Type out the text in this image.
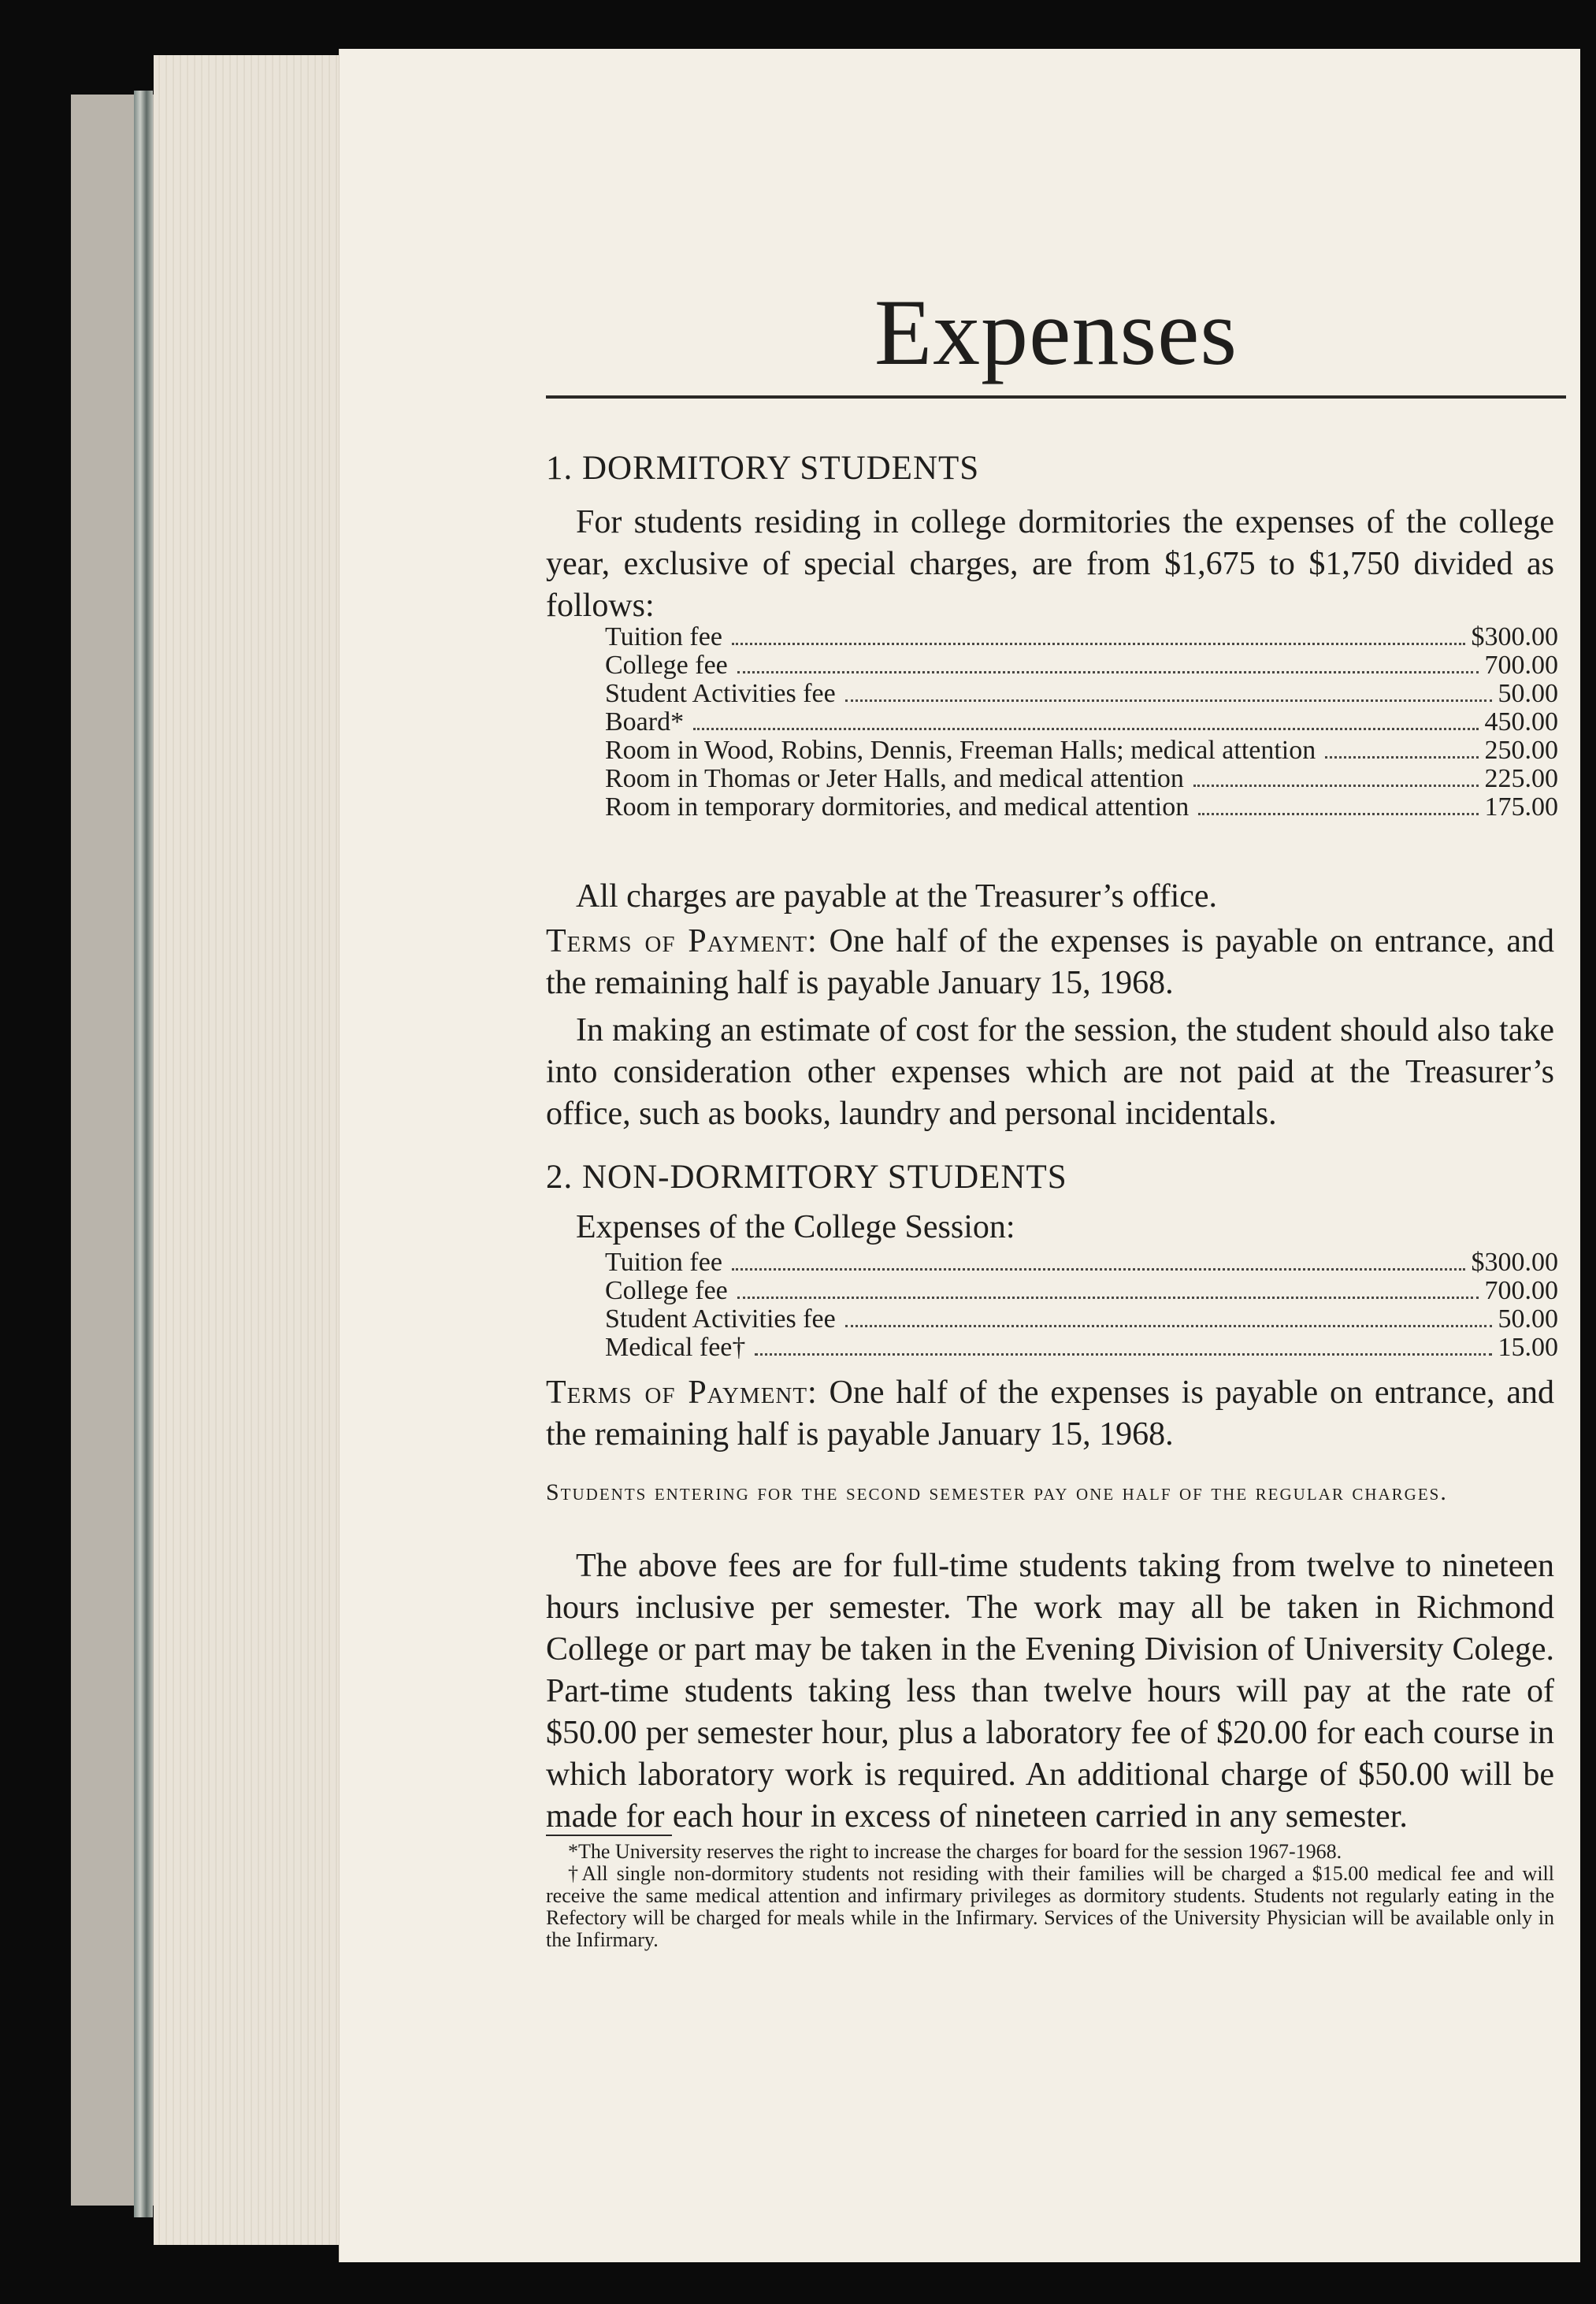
Expenses
1. DORMITORY STUDENTS
For students residing in college dormitories the expenses of the college year, exclusive of special charges, are from $1,675 to $1,750 divided as follows:
Tuition fee	$300.00
College fee	700.00
Student Activities fee	50.00
Board*	450.00
Room in Wood, Robins, Dennis, Freeman Halls; medical attention	250.00
Room in Thomas or Jeter Halls, and medical attention	225.00
Room in temporary dormitories, and medical attention	175.00
All charges are payable at the Treasurer’s office.
Terms of Payment: One half of the expenses is payable on entrance, and the remaining half is payable January 15, 1968.
In making an estimate of cost for the session, the student should also take into consideration other expenses which are not paid at the Treasurer’s office, such as books, laundry and personal incidentals.
2. NON-DORMITORY STUDENTS
Expenses of the College Session:
Tuition fee	$300.00
College fee	700.00
Student Activities fee	50.00
Medical fee†	15.00
Terms of Payment: One half of the expenses is payable on entrance, and the remaining half is payable January 15, 1968.
Students entering for the second semester pay one half of the regular charges.
The above fees are for full-time students taking from twelve to nineteen hours inclusive per semester. The work may all be taken in Richmond College or part may be taken in the Evening Division of University Colege. Part-time students taking less than twelve hours will pay at the rate of $50.00 per semester hour, plus a laboratory fee of $20.00 for each course in which laboratory work is required. An additional charge of $50.00 will be made for each hour in excess of nineteen carried in any semester.

*The University reserves the right to increase the charges for board for the session 1967-1968.

†All single non-dormitory students not residing with their families will be charged a $15.00 medical fee and will receive the same medical attention and infirmary privileges as dormitory students. Students not regularly eating in the Refectory will be charged for meals while in the Infirmary. Services of the University Physician will be available only in the Infirmary.
